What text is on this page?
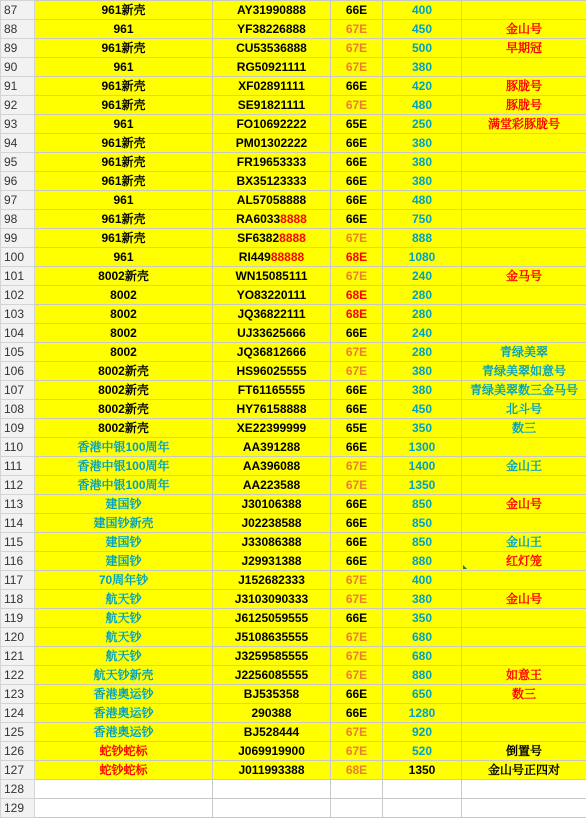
87	961新壳	AY31990888	66E	400	
88	961	YF38226888	67E	450	金山号
89	961新壳	CU53536888	67E	500	早期冠
90	961	RG50921111	67E	380	
91	961新壳	XF02891111	66E	420	豚胧号
92	961新壳	SE91821111	67E	480	豚胧号
93	961	FO10692222	65E	250	满堂彩豚胧号
94	961新壳	PM01302222	66E	380	
95	961新壳	FR19653333	66E	380	
96	961新壳	BX35123333	66E	380	
97	961	AL57058888	66E	480	
98	961新壳	RA60338888	66E	750	
99	961新壳	SF63828888	67E	888	
100	961	RI44988888	68E	1080	
101	8002新壳	WN15085111	67E	240	金马号
102	8002	YO83220111	68E	280	
103	8002	JQ36822111	68E	280	
104	8002	UJ33625666	66E	240	
105	8002	JQ36812666	67E	280	青绿美翠
106	8002新壳	HS96025555	67E	380	青绿美翠如意号
107	8002新壳	FT61165555	66E	380	青绿美翠数三金马号
108	8002新壳	HY76158888	66E	450	北斗号
109	8002新壳	XE22399999	65E	350	数三
110	香港中银100周年	AA391288	66E	1300	
111	香港中银100周年	AA396088	67E	1400	金山王
112	香港中银100周年	AA223588	67E	1350	
113	建国钞	J30106388	66E	850	金山号
114	建国钞新壳	J02238588	66E	850	
115	建国钞	J33086388	66E	850	金山王
116	建国钞	J29931388	66E	880	红灯笼
117	70周年钞	J152682333	67E	400	
118	航天钞	J3103090333	67E	380	金山号
119	航天钞	J6125059555	66E	350	
120	航天钞	J5108635555	67E	680	
121	航天钞	J3259585555	67E	680	
122	航天钞新壳	J2256085555	67E	880	如意王
123	香港奥运钞	BJ535358	66E	650	数三
124	香港奥运钞	290388	66E	1280	
125	香港奥运钞	BJ528444	67E	920	
126	蛇钞蛇标	J069919900	67E	520	倒置号
127	蛇钞蛇标	J011993388	68E	1350	金山号正四对
128					
129					
